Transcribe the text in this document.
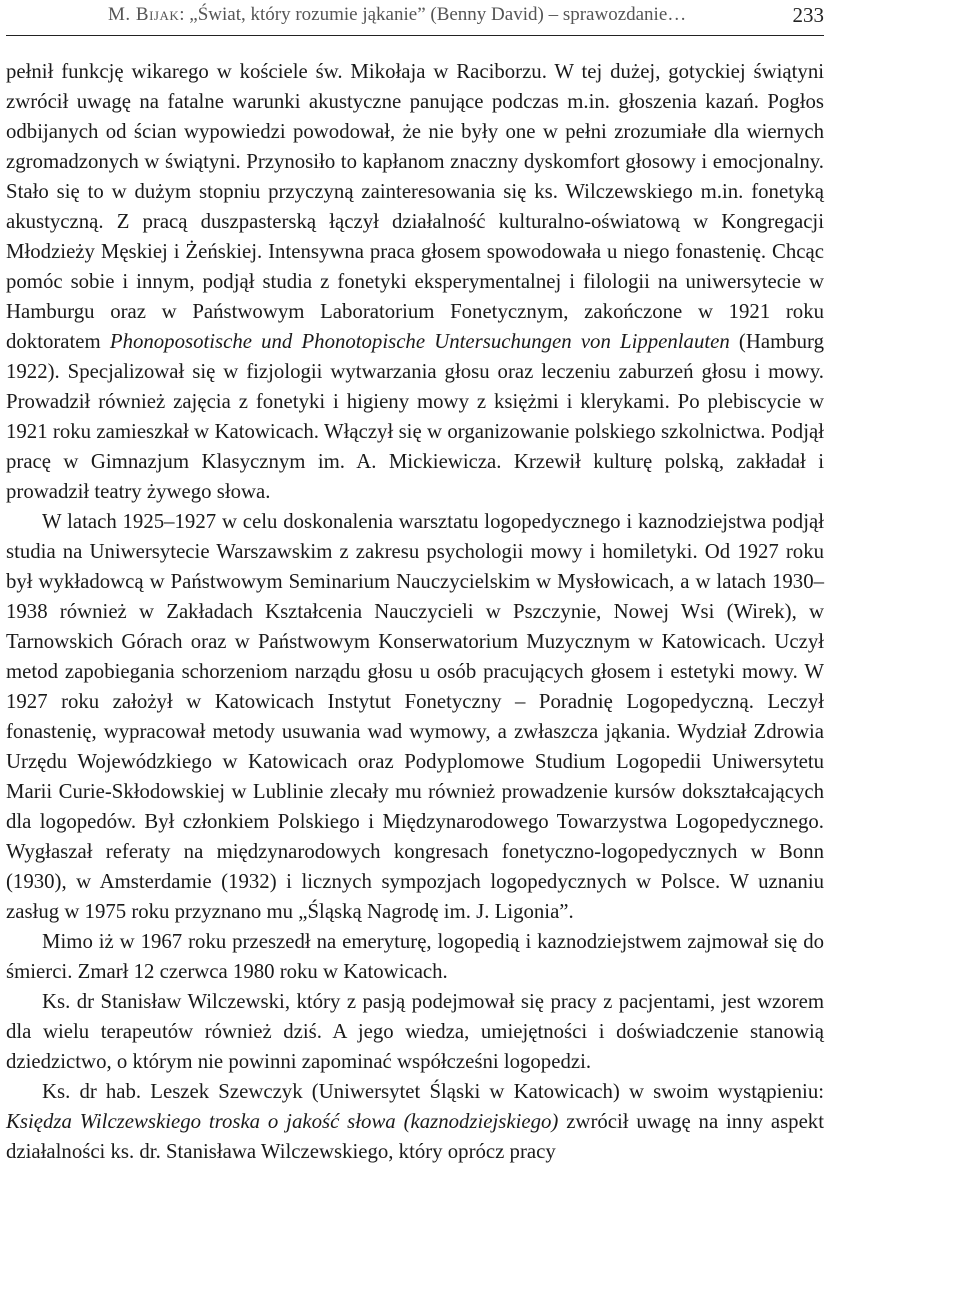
M. Bijak: „Świat, który rozumie jąkanie” (Benny David) – sprawozdanie…	233

pełnił funkcję wikarego w kościele św. Mikołaja w Raciborzu. W tej dużej, gotyckiej świątyni zwrócił uwagę na fatalne warunki akustyczne panujące podczas m.in. głoszenia kazań. Pogłos odbijanych od ścian wypowiedzi powodował, że nie były one w pełni zrozumiałe dla wiernych zgromadzonych w świątyni. Przynosiło to kapłanom znaczny dyskomfort głosowy i emocjonalny. Stało się to w dużym stopniu przyczyną zainteresowania się ks. Wilczewskiego m.in. fonetyką akustyczną. Z pracą duszpasterską łączył działalność kulturalno-oświatową w Kongregacji Młodzieży Męskiej i Żeńskiej. Intensywna praca głosem spowodowała u niego fonastenię. Chcąc pomóc sobie i innym, podjął studia z fonetyki eksperymentalnej i filologii na uniwersytecie w Hamburgu oraz w Państwowym Laboratorium Fonetycznym, zakończone w 1921 roku doktoratem Phonoposotische und Phonotopische Untersuchungen von Lippenlauten (Hamburg 1922). Specjalizował się w fizjologii wytwarzania głosu oraz leczeniu zaburzeń głosu i mowy. Prowadził również zajęcia z fonetyki i higieny mowy z księżmi i klerykami. Po plebiscycie w 1921 roku zamieszkał w Katowicach. Włączył się w organizowanie polskiego szkolnictwa. Podjął pracę w Gimnazjum Klasycznym im. A. Mickiewicza. Krzewił kulturę polską, zakładał i prowadził teatry żywego słowa.

W latach 1925–1927 w celu doskonalenia warsztatu logopedycznego i kaznodziejstwa podjął studia na Uniwersytecie Warszawskim z zakresu psychologii mowy i homiletyki. Od 1927 roku był wykładowcą w Państwowym Seminarium Nauczycielskim w Mysłowicach, a w latach 1930–1938 również w Zakładach Kształcenia Nauczycieli w Pszczynie, Nowej Wsi (Wirek), w Tarnowskich Górach oraz w Państwowym Konserwatorium Muzycznym w Katowicach. Uczył metod zapobiegania schorzeniom narządu głosu u osób pracujących głosem i estetyki mowy. W 1927 roku założył w Katowicach Instytut Fonetyczny – Poradnię Logopedyczną. Leczył fonastenię, wypracował metody usuwania wad wymowy, a zwłaszcza jąkania. Wydział Zdrowia Urzędu Wojewódzkiego w Katowicach oraz Podyplomowe Studium Logopedii Uniwersytetu Marii Curie-Skłodowskiej w Lublinie zlecały mu również prowadzenie kursów dokształcających dla logopedów. Był członkiem Polskiego i Międzynarodowego Towarzystwa Logopedycznego. Wygłaszał referaty na międzynarodowych kongresach fonetyczno-logopedycznych w Bonn (1930), w Amsterdamie (1932) i licznych sympozjach logopedycznych w Polsce. W uznaniu zasług w 1975 roku przyznano mu „Śląską Nagrodę im. J. Ligonia”.

Mimo iż w 1967 roku przeszedł na emeryturę, logopedią i kaznodziejstwem zajmował się do śmierci. Zmarł 12 czerwca 1980 roku w Katowicach.

Ks. dr Stanisław Wilczewski, który z pasją podejmował się pracy z pacjentami, jest wzorem dla wielu terapeutów również dziś. A jego wiedza, umiejętności i doświadczenie stanowią dziedzictwo, o którym nie powinni zapominać współcześni logopedzi.

Ks. dr hab. Leszek Szewczyk (Uniwersytet Śląski w Katowicach) w swoim wystąpieniu: Księdza Wilczewskiego troska o jakość słowa (kaznodziejskiego) zwrócił uwagę na inny aspekt działalności ks. dr. Stanisława Wilczewskiego, który oprócz pracy
